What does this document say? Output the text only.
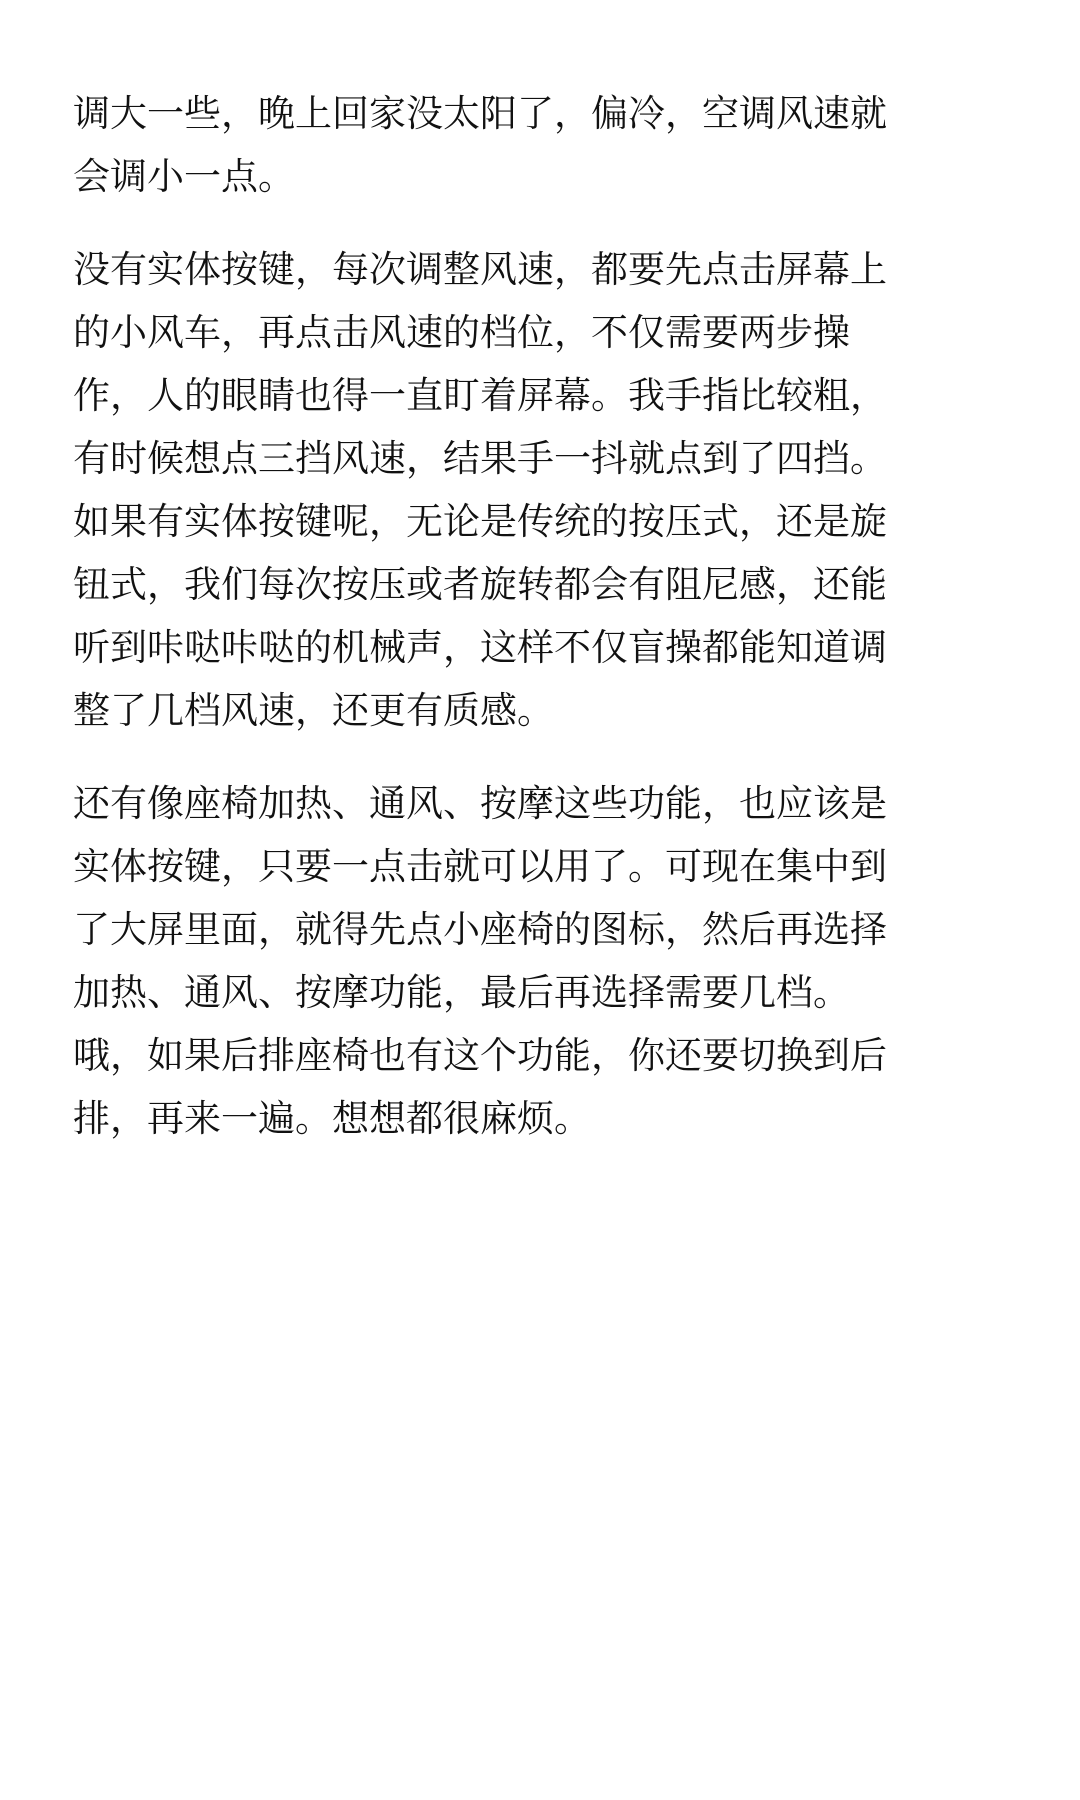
调大一些，晚上回家没太阳了，偏冷，空调风速就
会调小一点。

没有实体按键，每次调整风速，都要先点击屏幕上
的小风车，再点击风速的档位，不仅需要两步操
作，人的眼睛也得一直盯着屏幕。我手指比较粗，
有时候想点三挡风速，结果手一抖就点到了四挡。
如果有实体按键呢，无论是传统的按压式，还是旋
钮式，我们每次按压或者旋转都会有阻尼感，还能
听到咔哒咔哒的机械声，这样不仅盲操都能知道调
整了几档风速，还更有质感。

还有像座椅加热、通风、按摩这些功能，也应该是
实体按键，只要一点击就可以用了。可现在集中到
了大屏里面，就得先点小座椅的图标，然后再选择
加热、通风、按摩功能，最后再选择需要几档。
哦，如果后排座椅也有这个功能，你还要切换到后
排，再来一遍。想想都很麻烦。
